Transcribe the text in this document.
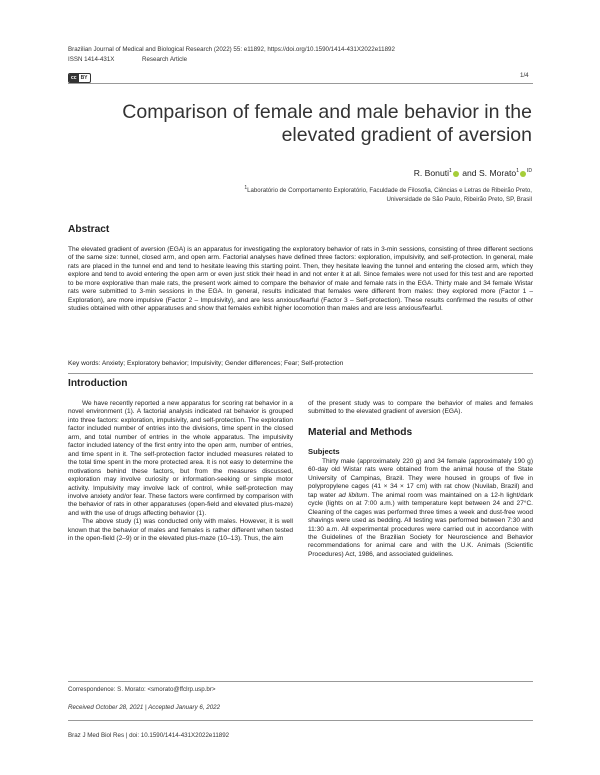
Brazilian Journal of Medical and Biological Research (2022) 55: e11892, https://doi.org/10.1590/1414-431X2022e11892
ISSN 1414-431X	Research Article
cc BY	1/4
Comparison of female and male behavior in the
elevated gradient of aversion
R. Bonuti$^1$ and S. Morato$^1$ $^{ID}$
$^1$Laboratório de Comportamento Exploratório, Faculdade de Filosofia, Ciências e Letras de Ribeirão Preto,
Universidade de São Paulo, Ribeirão Preto, SP, Brasil
Abstract

The elevated gradient of aversion (EGA) is an apparatus for investigating the exploratory behavior of rats in 3-min sessions, consisting of three different sections of the same size: tunnel, closed arm, and open arm. Factorial analyses have defined three factors: exploration, impulsivity, and self-protection. In general, male rats are placed in the tunnel end and tend to hesitate leaving this starting point. Then, they hesitate leaving the tunnel and entering the closed arm, which they explore and tend to avoid entering the open arm or even just stick their head in and not enter it at all. Since females were not used for this test and are reported to be more explorative than male rats, the present work aimed to compare the behavior of male and female rats in the EGA. Thirty male and 34 female Wistar rats were submitted to 3-min sessions in the EGA. In general, results indicated that females were different from males: they explored more (Factor 1 – Exploration), are more impulsive (Factor 2 – Impulsivity), and are less anxious/fearful (Factor 3 – Self-protection). These results confirmed the results of other studies obtained with other apparatuses and show that females exhibit higher locomotion than males and are less anxious/fearful.

Key words: Anxiety; Exploratory behavior; Impulsivity; Gender differences; Fear; Self-protection
Introduction

We have recently reported a new apparatus for scoring rat behavior in a novel environment (1). A factorial analysis indicated rat behavior is grouped into three factors: exploration, impulsivity, and self-protection. The exploration factor included number of entries into the divisions, time spent in the closed arm, and total number of entries in the whole apparatus. The impulsivity factor included latency of the first entry into the open arm, number of entries, and time spent in it. The self-protection factor included measures related to the total time spent in the more protected area. It is not easy to determine the motivations behind these factors, but from the measures discussed, exploration may involve curiosity or information-seeking or simple motor activity. Impulsivity may involve lack of control, while self-protection may involve anxiety and/or fear. These factors were confirmed by comparison with the behavior of rats in other apparatuses (open-field and elevated plus-maze) and with the use of drugs affecting behavior (1).

The above study (1) was conducted only with males. However, it is well known that the behavior of males and females is rather different when tested in the open-field (2–9) or in the elevated plus-maze (10–13). Thus, the aim

of the present study was to compare the behavior of males and females submitted to the elevated gradient of aversion (EGA).

Material and Methods
Subjects

Thirty male (approximately 220 g) and 34 female (approximately 190 g) 60-day old Wistar rats were obtained from the animal house of the State University of Campinas, Brazil. They were housed in groups of five in polypropylene cages (41 × 34 × 17 cm) with rat chow (Nuvilab, Brazil) and tap water ad libitum. The animal room was maintained on a 12-h light/dark cycle (lights on at 7:00 a.m.) with temperature kept between 24 and 27°C. Cleaning of the cages was performed three times a week and dust-free wood shavings were used as bedding. All testing was performed between 7:30 and 11:30 a.m. All experimental procedures were carried out in accordance with the Guidelines of the Brazilian Society for Neuroscience and Behavior recommendations for animal care and with the U.K. Animals (Scientific Procedures) Act, 1986, and associated guidelines.

Correspondence: S. Morato: <smorato@ffclrp.usp.br>
Received October 28, 2021 | Accepted January 6, 2022
Braz J Med Biol Res | doi: 10.1590/1414-431X2022e11892
